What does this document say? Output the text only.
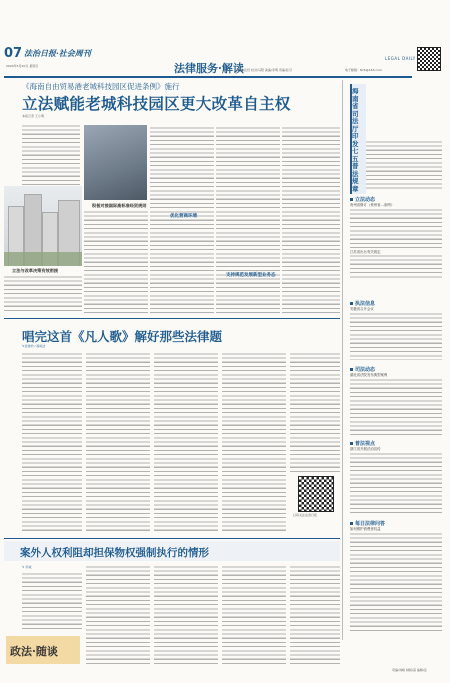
07 法治日报·社会周刊
2024年5月20日 星期日	法律服务·解读
LEGAL DAILY
编辑/张哲 校对/马阳 美编/李明 责编/张可	电子邮箱：fzrb@163.com
《海南自由贸易港老城科技园区促进条例》施行
立法赋能老城科技园区更大改革自主权
本报记者 王小明
立法与改革决策有效衔接
积极对接国际高标准经贸规则
优化营商环境
支持规范发展新型业务态
海南省司法厅印发七五普法规章
立法动态
贵州省修订《贵州省…条例》
江苏省出台有关规定
执法信息
安徽省召开会议
司法动态
湖北省法院发布典型案例
普法视点
浙江省开展法治宣传
每日法律问答
如何维护消费者权益
责编/刘峰 制版/高 编辑/张
唱完这首《凡人歌》解好那些法律题
✎金逸钧 / 杨雨洁
扫码关注法治日报
案外人权利阻却担保物权强制执行的情形
✎ 李斌
政法·随谈
